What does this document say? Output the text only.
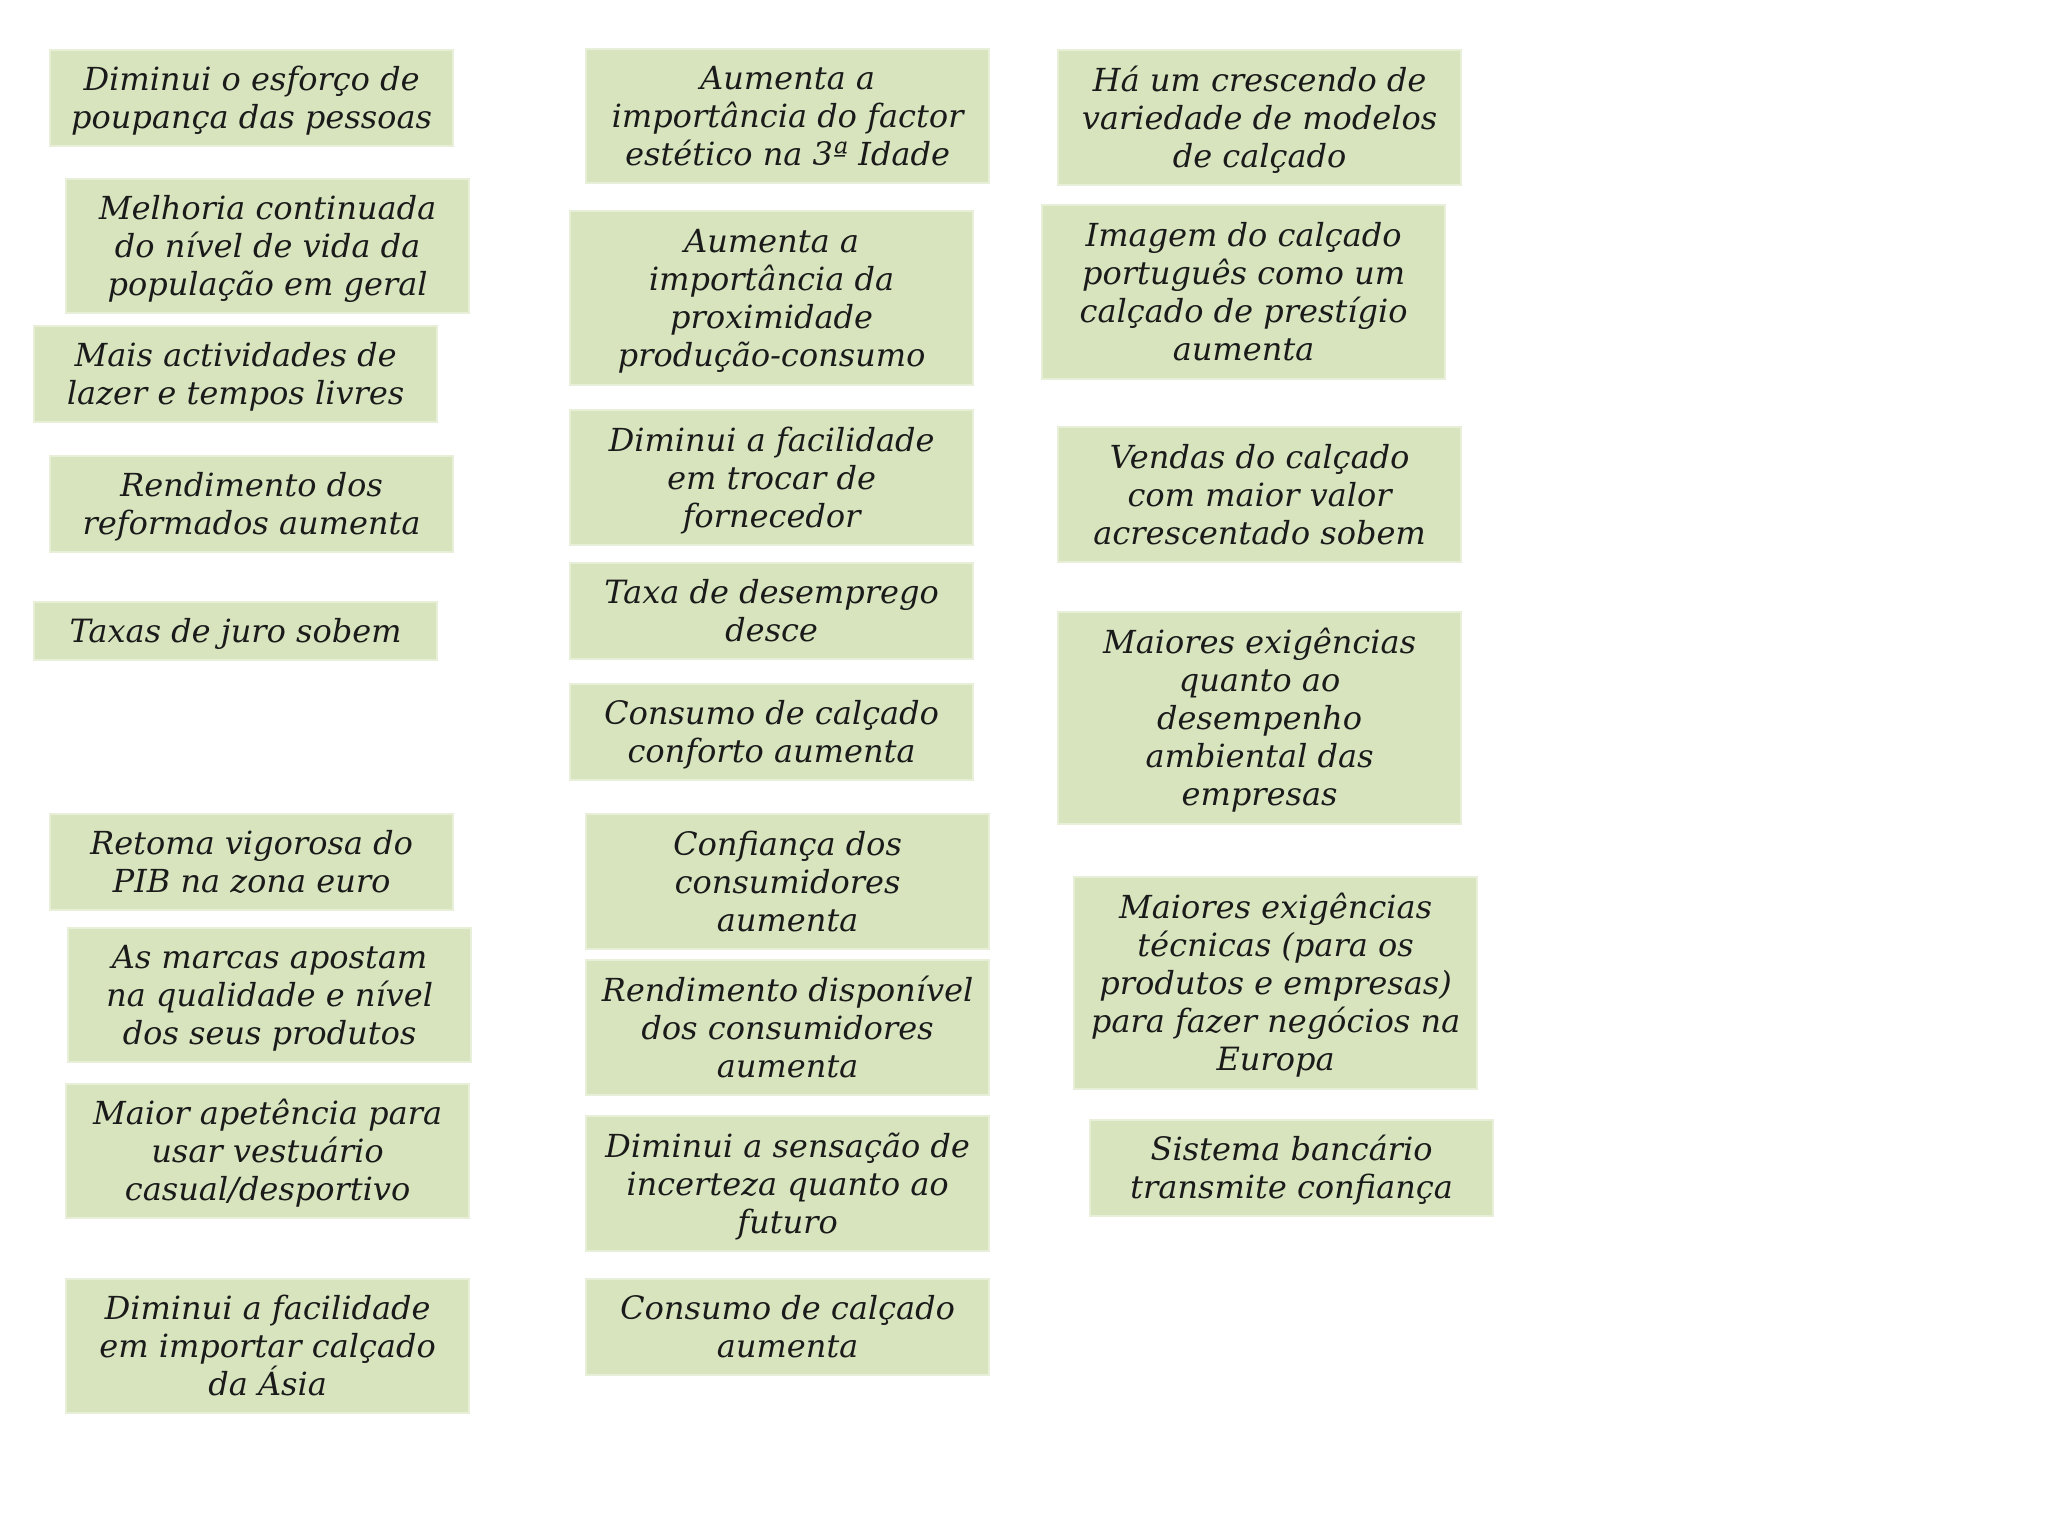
Diminui o esforço de
poupança das pessoas
Melhoria continuada
do nível de vida da
população em geral
Mais actividades de
lazer e tempos livres
Rendimento dos
reformados aumenta
Taxas de juro sobem
Retoma vigorosa do
PIB na zona euro
As marcas apostam
na qualidade e nível
dos seus produtos
Maior apetência para
usar vestuário
casual/desportivo
Diminui a facilidade
em importar calçado
da Ásia
Aumenta a
importância do factor
estético na 3ª Idade
Aumenta a
importância da
proximidade
produção-consumo
Diminui a facilidade
em trocar de
fornecedor
Taxa de desemprego
desce
Consumo de calçado
conforto aumenta
Confiança dos
consumidores
aumenta
Rendimento disponível
dos consumidores
aumenta
Diminui a sensação de
incerteza quanto ao
futuro
Consumo de calçado
aumenta
Há um crescendo de
variedade de modelos
de calçado
Imagem do calçado
português como um
calçado de prestígio
aumenta
Vendas do calçado
com maior valor
acrescentado sobem
Maiores exigências
quanto ao
desempenho
ambiental das
empresas
Maiores exigências
técnicas (para os
produtos e empresas)
para fazer negócios na
Europa
Sistema bancário
transmite confiança
